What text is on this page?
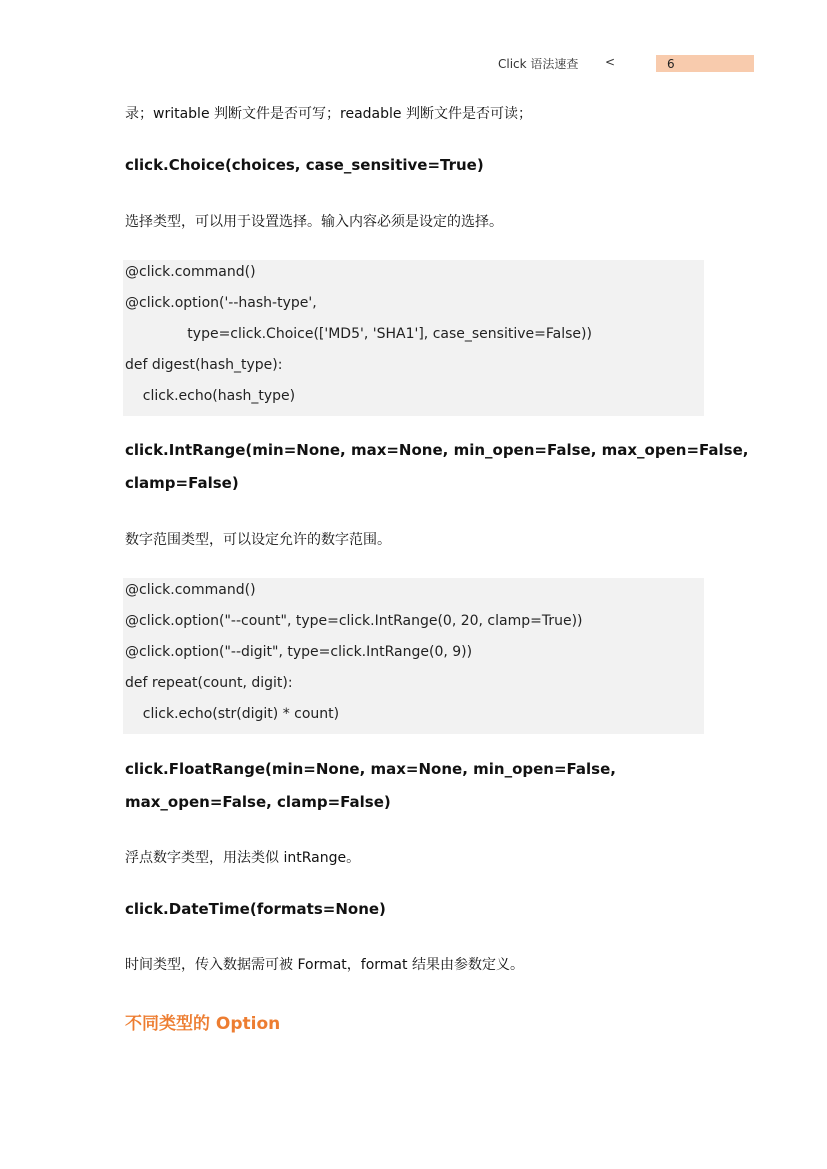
Click 语法速查 <	6
录；writable 判断文件是否可写；readable 判断文件是否可读；
click.Choice(choices, case_sensitive=True)
选择类型，可以用于设置选择。输入内容必须是设定的选择。
@click.command()
@click.option('--hash-type',
type=click.Choice(['MD5', 'SHA1'], case_sensitive=False))
def digest(hash_type):
click.echo(hash_type)
click.IntRange(min=None, max=None, min_open=False, max_open=False,
clamp=False)
数字范围类型，可以设定允许的数字范围。
@click.command()
@click.option("--count", type=click.IntRange(0, 20, clamp=True))
@click.option("--digit", type=click.IntRange(0, 9))
def repeat(count, digit):
click.echo(str(digit) * count)
click.FloatRange(min=None, max=None, min_open=False,
max_open=False, clamp=False)
浮点数字类型，用法类似 intRange。
click.DateTime(formats=None)
时间类型，传入数据需可被 Format，format 结果由参数定义。
不同类型的 Option
